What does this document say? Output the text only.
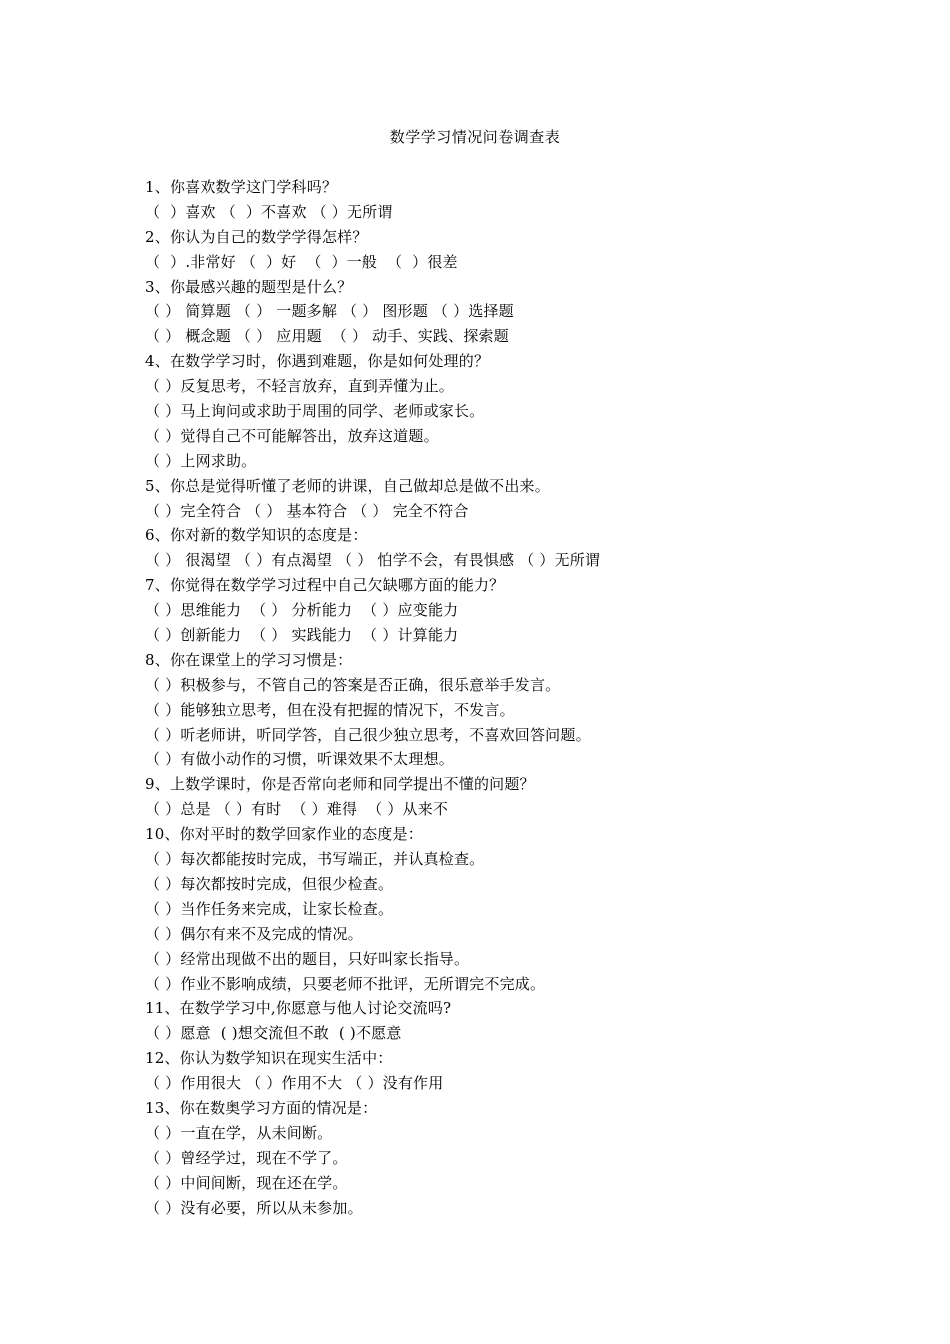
数学学习情况问卷调查表
1、你喜欢数学这门学科吗？
（  ）喜欢 （  ）不喜欢 （ ）无所谓
2、你认为自己的数学学得怎样？
（  ）.非常好 （  ）好  （  ）一般  （  ）很差
3、你最感兴趣的题型是什么？
（ ） 简算题 （ ） 一题多解 （ ） 图形题 （ ）选择题
（ ） 概念题 （ ） 应用题  （ ） 动手、实践、探索题
4、在数学学习时，你遇到难题，你是如何处理的？
（ ）反复思考，不轻言放弃，直到弄懂为止。
（ ）马上询问或求助于周围的同学、老师或家长。
（ ）觉得自己不可能解答出，放弃这道题。
（ ）上网求助。
5、你总是觉得听懂了老师的讲课，自己做却总是做不出来。
（ ）完全符合 （ ） 基本符合 （ ） 完全不符合
6、你对新的数学知识的态度是：
（ ） 很渴望 （ ）有点渴望 （ ） 怕学不会，有畏惧感 （ ）无所谓
7、你觉得在数学学习过程中自己欠缺哪方面的能力？
（ ）思维能力  （ ） 分析能力  （ ）应变能力
（ ）创新能力  （ ） 实践能力  （ ）计算能力
8、你在课堂上的学习习惯是：
（ ）积极参与，不管自己的答案是否正确，很乐意举手发言。
（ ）能够独立思考，但在没有把握的情况下，不发言。
（ ）听老师讲，听同学答，自己很少独立思考，不喜欢回答问题。
（ ）有做小动作的习惯，听课效果不太理想。
9、上数学课时，你是否常向老师和同学提出不懂的问题？
（ ）总是 （ ）有时  （ ）难得  （ ）从来不
10、你对平时的数学回家作业的态度是：
（ ）每次都能按时完成，书写端正，并认真检查。
（ ）每次都按时完成，但很少检查。
（ ）当作任务来完成，让家长检查。
（ ）偶尔有来不及完成的情况。
（ ）经常出现做不出的题目，只好叫家长指导。
（ ）作业不影响成绩，只要老师不批评，无所谓完不完成。
11、在数学学习中,你愿意与他人讨论交流吗?
（ ）愿意  ( )想交流但不敢  ( )不愿意
12、你认为数学知识在现实生活中：
（ ）作用很大 （ ）作用不大 （ ）没有作用
13、你在数奥学习方面的情况是：
（ ）一直在学，从未间断。
（ ）曾经学过，现在不学了。
（ ）中间间断，现在还在学。
（ ）没有必要，所以从未参加。
